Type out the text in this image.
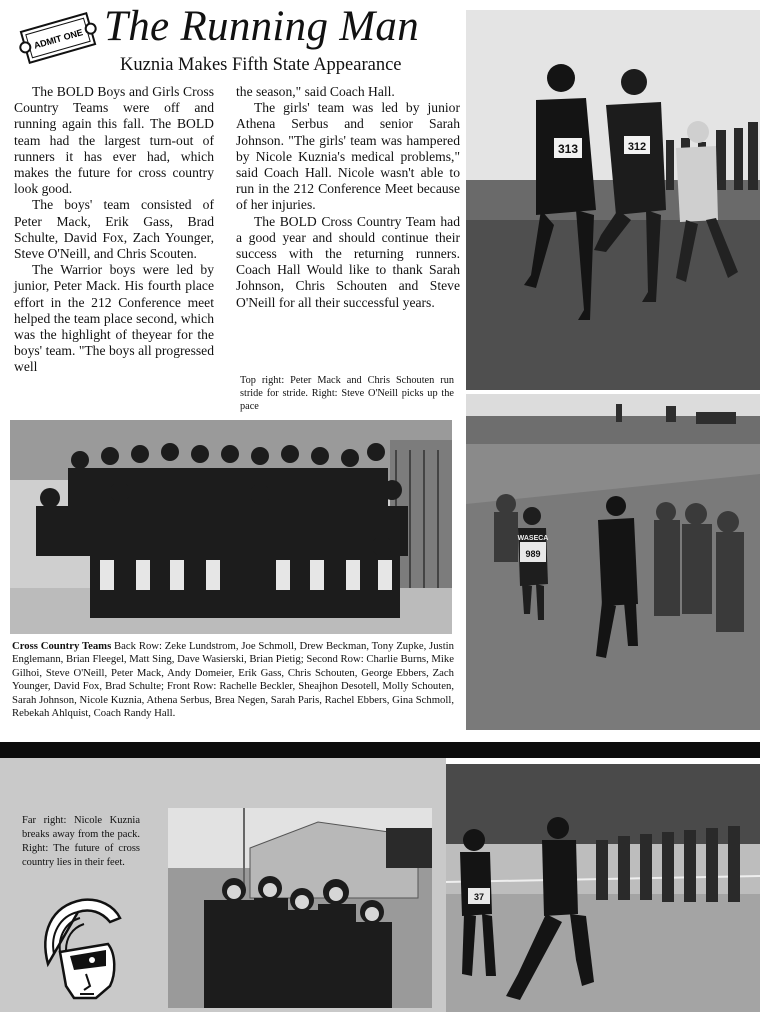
ADMIT ONE The Running Man
Kuznia Makes Fifth State Appearance

The BOLD Boys and Girls Cross Country Teams were off and running again this fall. The BOLD team had the largest turn-out of runners it has ever had, which makes the future for cross country look good.

The boys' team consisted of Peter Mack, Erik Gass, Brad Schulte, David Fox, Zach Younger, Steve O'Neill, and Chris Scouten.

The Warrior boys were led by junior, Peter Mack. His fourth place effort in the 212 Conference meet helped the team place second, which was the highlight of theyear for the boys' team. "The boys all progressed well

the season," said Coach Hall.

The girls' team was led by junior Athena Serbus and senior Sarah Johnson. "The girls' team was hampered by Nicole Kuznia's medical problems," said Coach Hall. Nicole wasn't able to run in the 212 Conference Meet because of her injuries.

The BOLD Cross Country Team had a good year and should continue their success with the returning runners. Coach Hall Would like to thank Sarah Johnson, Chris Schouten and Steve O'Neill for all their successful years.

Top right: Peter Mack and Chris Schouten run stride for stride. Right: Steve O'Neill picks up the pace
313	312
WASECA
989
Cross Country Teams Back Row: Zeke Lundstrom, Joe Schmoll, Drew Beckman, Tony Zupke, Justin Englemann, Brian Fleegel, Matt Sing, Dave Wasierski, Brian Pietig; Second Row: Charlie Burns, Mike Gilhoi, Steve O'Neill, Peter Mack, Andy Domeier, Erik Gass, Chris Schouten, George Ebbers, Zach Younger, David Fox, Brad Schulte; Front Row: Rachelle Beckler, Sheajhon Desotell, Molly Schouten, Sarah Johnson, Nicole Kuznia, Athena Serbus, Brea Negen, Sarah Paris, Rachel Ebbers, Gina Schmoll, Rebekah Ahlquist, Coach Randy Hall.
Far right: Nicole Kuznia breaks away from the pack. Right: The future of cross country lies in their feet.
37
